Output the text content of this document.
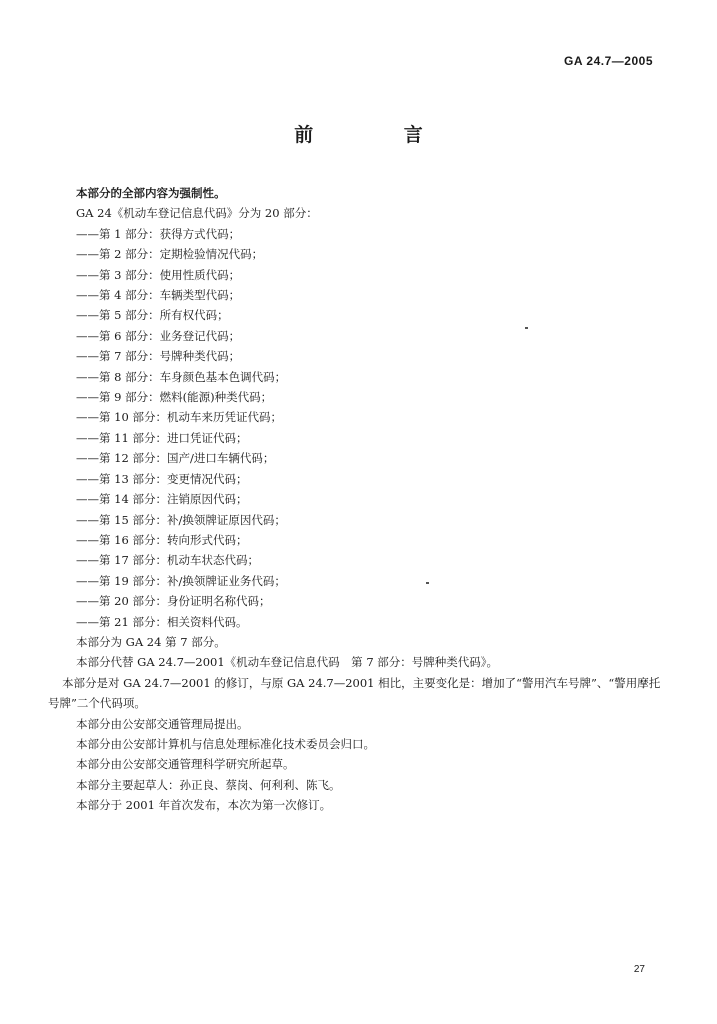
GA 24.7—2005
前 言
本部分的全部内容为强制性。
GA 24《机动车登记信息代码》分为 20 部分：
——第 1 部分：获得方式代码；
——第 2 部分：定期检验情况代码；
——第 3 部分：使用性质代码；
——第 4 部分：车辆类型代码；
——第 5 部分：所有权代码；
——第 6 部分：业务登记代码；
——第 7 部分：号牌种类代码；
——第 8 部分：车身颜色基本色调代码；
——第 9 部分：燃料(能源)种类代码；
——第 10 部分：机动车来历凭证代码；
——第 11 部分：进口凭证代码；
——第 12 部分：国产/进口车辆代码；
——第 13 部分：变更情况代码；
——第 14 部分：注销原因代码；
——第 15 部分：补/换领牌证原因代码；
——第 16 部分：转向形式代码；
——第 17 部分：机动车状态代码；
——第 19 部分：补/换领牌证业务代码；
——第 20 部分：身份证明名称代码；
——第 21 部分：相关资料代码。
本部分为 GA 24 第 7 部分。
本部分代替 GA 24.7—2001《机动车登记信息代码　第 7 部分：号牌种类代码》。
本部分是对 GA 24.7—2001 的修订，与原 GA 24.7—2001 相比，主要变化是：增加了“警用汽车号牌”、“警用摩托号牌”二个代码项。
本部分由公安部交通管理局提出。
本部分由公安部计算机与信息处理标准化技术委员会归口。
本部分由公安部交通管理科学研究所起草。
本部分主要起草人：孙正良、蔡岗、何利利、陈飞。
本部分于 2001 年首次发布，本次为第一次修订。
27
